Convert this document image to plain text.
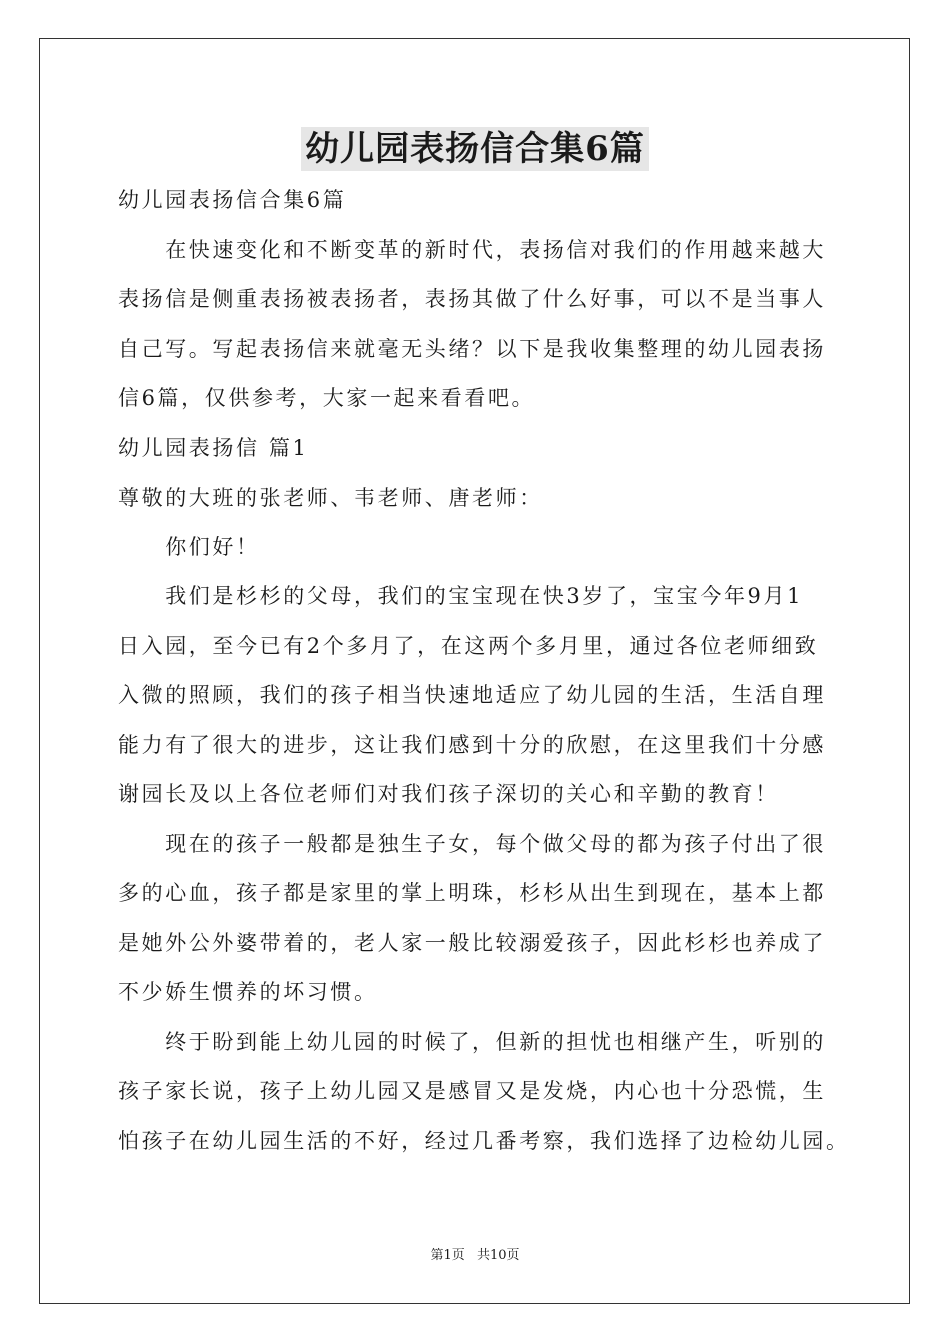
幼儿园表扬信合集6篇
幼儿园表扬信合集6篇
　　在快速变化和不断变革的新时代，表扬信对我们的作用越来越大
表扬信是侧重表扬被表扬者，表扬其做了什么好事，可以不是当事人
自己写。写起表扬信来就毫无头绪？以下是我收集整理的幼儿园表扬
信6篇，仅供参考，大家一起来看看吧。
幼儿园表扬信 篇1
尊敬的大班的张老师、韦老师、唐老师：
　　你们好！
　　我们是杉杉的父母，我们的宝宝现在快3岁了，宝宝今年9月1
日入园，至今已有2个多月了，在这两个多月里，通过各位老师细致
入微的照顾，我们的孩子相当快速地适应了幼儿园的生活，生活自理
能力有了很大的进步，这让我们感到十分的欣慰，在这里我们十分感
谢园长及以上各位老师们对我们孩子深切的关心和辛勤的教育！
　　现在的孩子一般都是独生子女，每个做父母的都为孩子付出了很
多的心血，孩子都是家里的掌上明珠，杉杉从出生到现在，基本上都
是她外公外婆带着的，老人家一般比较溺爱孩子，因此杉杉也养成了
不少娇生惯养的坏习惯。
　　终于盼到能上幼儿园的时候了，但新的担忧也相继产生，听别的
孩子家长说，孩子上幼儿园又是感冒又是发烧，内心也十分恐慌，生
怕孩子在幼儿园生活的不好，经过几番考察，我们选择了边检幼儿园。
第1页 共10页
